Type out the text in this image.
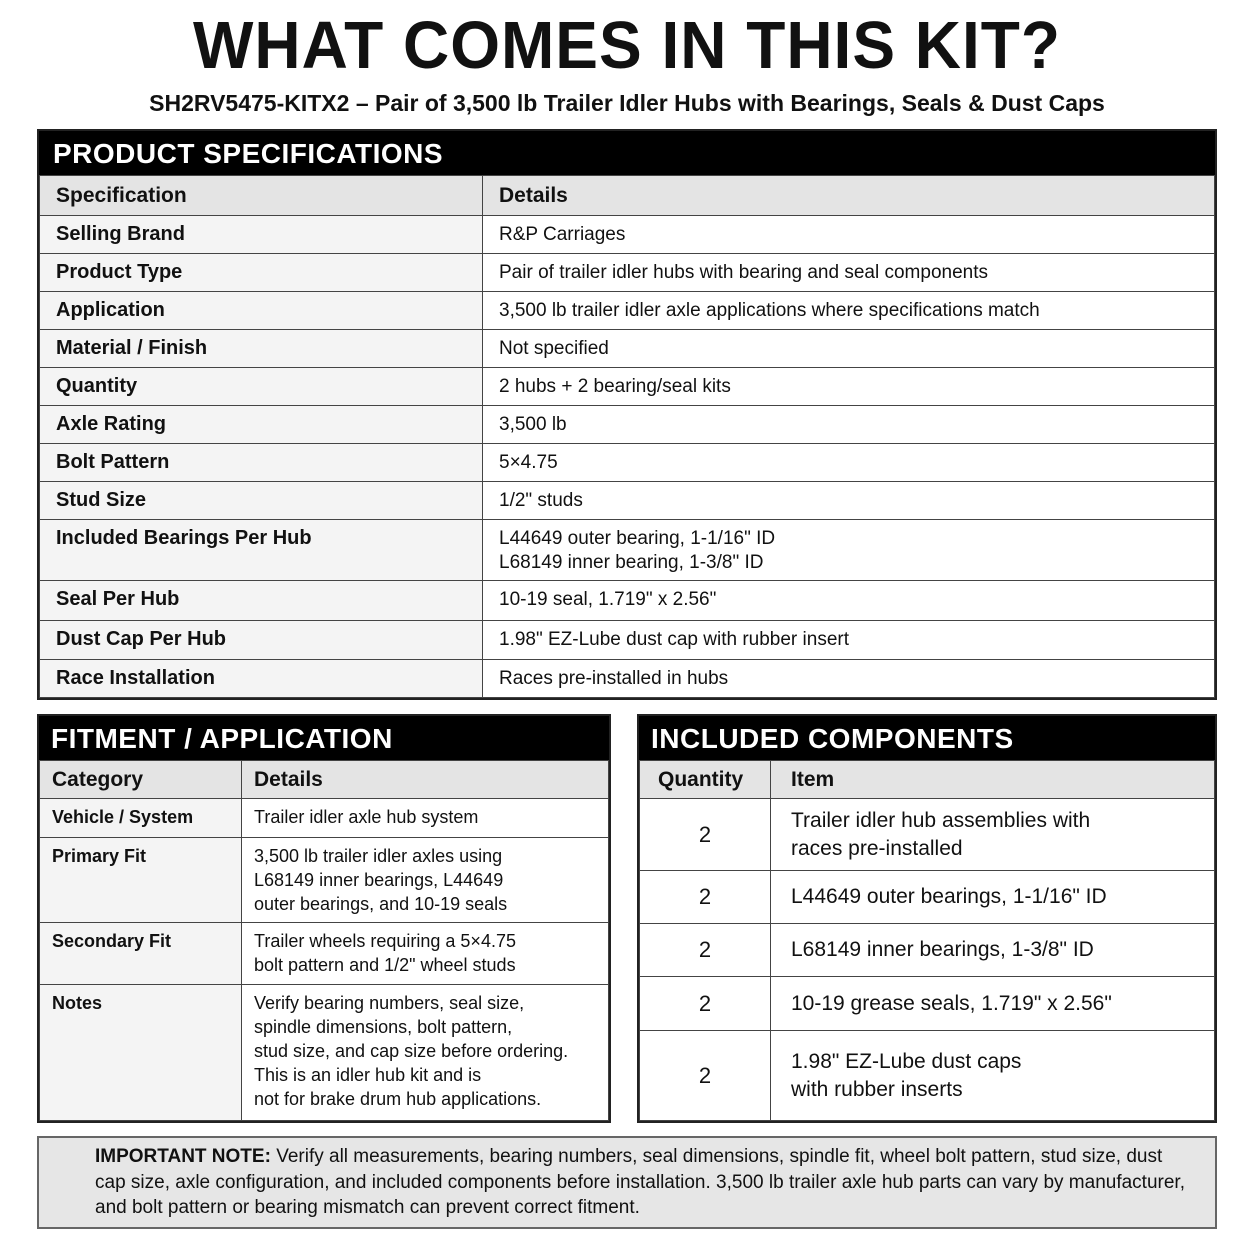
WHAT COMES IN THIS KIT?

SH2RV5475-KITX2 – Pair of 3,500 lb Trailer Idler Hubs with Bearings, Seals & Dust Caps

PRODUCT SPECIFICATIONS
Specification	Details
Selling Brand	R&P Carriages
Product Type	Pair of trailer idler hubs with bearing and seal components
Application	3,500 lb trailer idler axle applications where specifications match
Material / Finish	Not specified
Quantity	2 hubs + 2 bearing/seal kits
Axle Rating	3,500 lb
Bolt Pattern	5×4.75
Stud Size	1/2" studs
Included Bearings Per Hub	L44649 outer bearing, 1-1/16" ID
L68149 inner bearing, 1-3/8" ID

Seal Per Hub	10-19 seal, 1.719" x 2.56"
Dust Cap Per Hub	1.98" EZ-Lube dust cap with rubber insert
Race Installation	Races pre-installed in hubs
FITMENT / APPLICATION
Category	Details
Vehicle / System	Trailer idler axle hub system

Primary Fit	3,500 lb trailer idler axles using
L68149 inner bearings, L44649
outer bearings, and 10-19 seals

Secondary Fit	Trailer wheels requiring a 5×4.75
bolt pattern and 1/2" wheel studs

Notes	Verify bearing numbers, seal size,
spindle dimensions, bolt pattern,
stud size, and cap size before ordering.
This is an idler hub kit and is
not for brake drum hub applications.
INCLUDED COMPONENTS
Quantity	Item
2	Trailer idler hub assemblies with
races pre-installed

2	L44649 outer bearings, 1-1/16" ID

2	L68149 inner bearings, 1-3/8" ID

2	10-19 grease seals, 1.719" x 2.56"

2	1.98" EZ-Lube dust caps
with rubber inserts
IMPORTANT NOTE: Verify all measurements, bearing numbers, seal dimensions, spindle fit, wheel bolt pattern, stud size, dust cap size, axle configuration, and included components before installation. 3,500 lb trailer axle hub parts can vary by manufacturer, and bolt pattern or bearing mismatch can prevent correct fitment.
